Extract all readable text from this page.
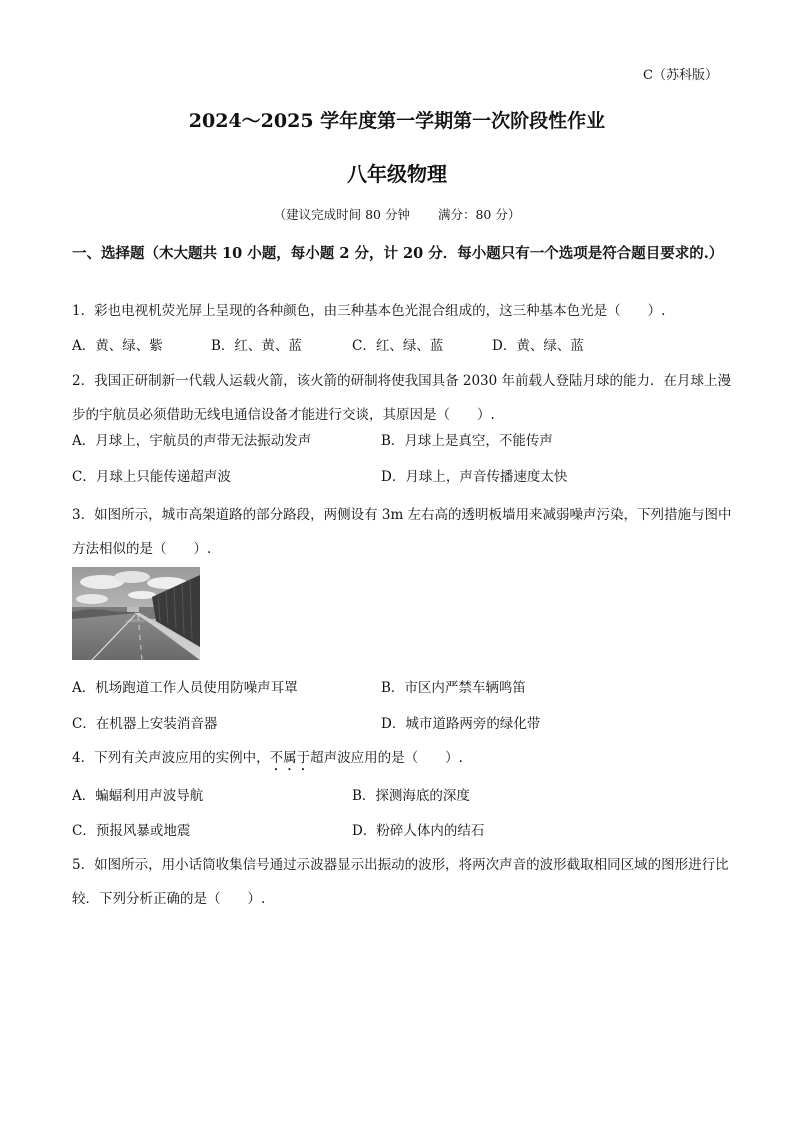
C（苏科版）
2024～2025 学年度第一学期第一次阶段性作业
八年级物理
（建议完成时间 80 分钟 满分：80 分）
一、选择题（木大题共 10 小题，每小题 2 分，计 20 分．每小题只有一个选项是符合题目要求的.）
1．彩也电视机荧光屏上呈现的各种颜色，由三种基本色光混合组成的，这三种基本色光是（　　）.
A．黄、绿、紫	B．红、黄、蓝	C．红、绿、蓝	D．黄、绿、蓝
2．我国正研制新一代载人运载火箭，该火箭的研制将使我国具备 2030 年前载人登陆月球的能力．在月球上漫步的宇航员必须借助无线电通信设备才能进行交谈，其原因是（　　）.
A．月球上，宇航员的声带无法振动发声	B．月球上是真空，不能传声
C．月球上只能传递超声波	D．月球上，声音传播速度太快
3．如图所示，城市高架道路的部分路段，两侧设有 3m 左右高的透明板墙用来减弱噪声污染，下列措施与图中方法相似的是（　　）.
A．机场跑道工作人员使用防噪声耳罩	B．市区内严禁车辆鸣笛
C．在机器上安装消音器	D．城市道路两旁的绿化带
4．下列有关声波应用的实例中，不属于超声波应用的是（　　）.
A．蝙蝠利用声波导航	B．探测海底的深度
C．预报风暴或地震	D．粉碎人体内的结石
5．如图所示，用小话筒收集信号通过示波器显示出振动的波形，将两次声音的波形截取相同区域的图形进行比较．下列分析正确的是（　　）.
